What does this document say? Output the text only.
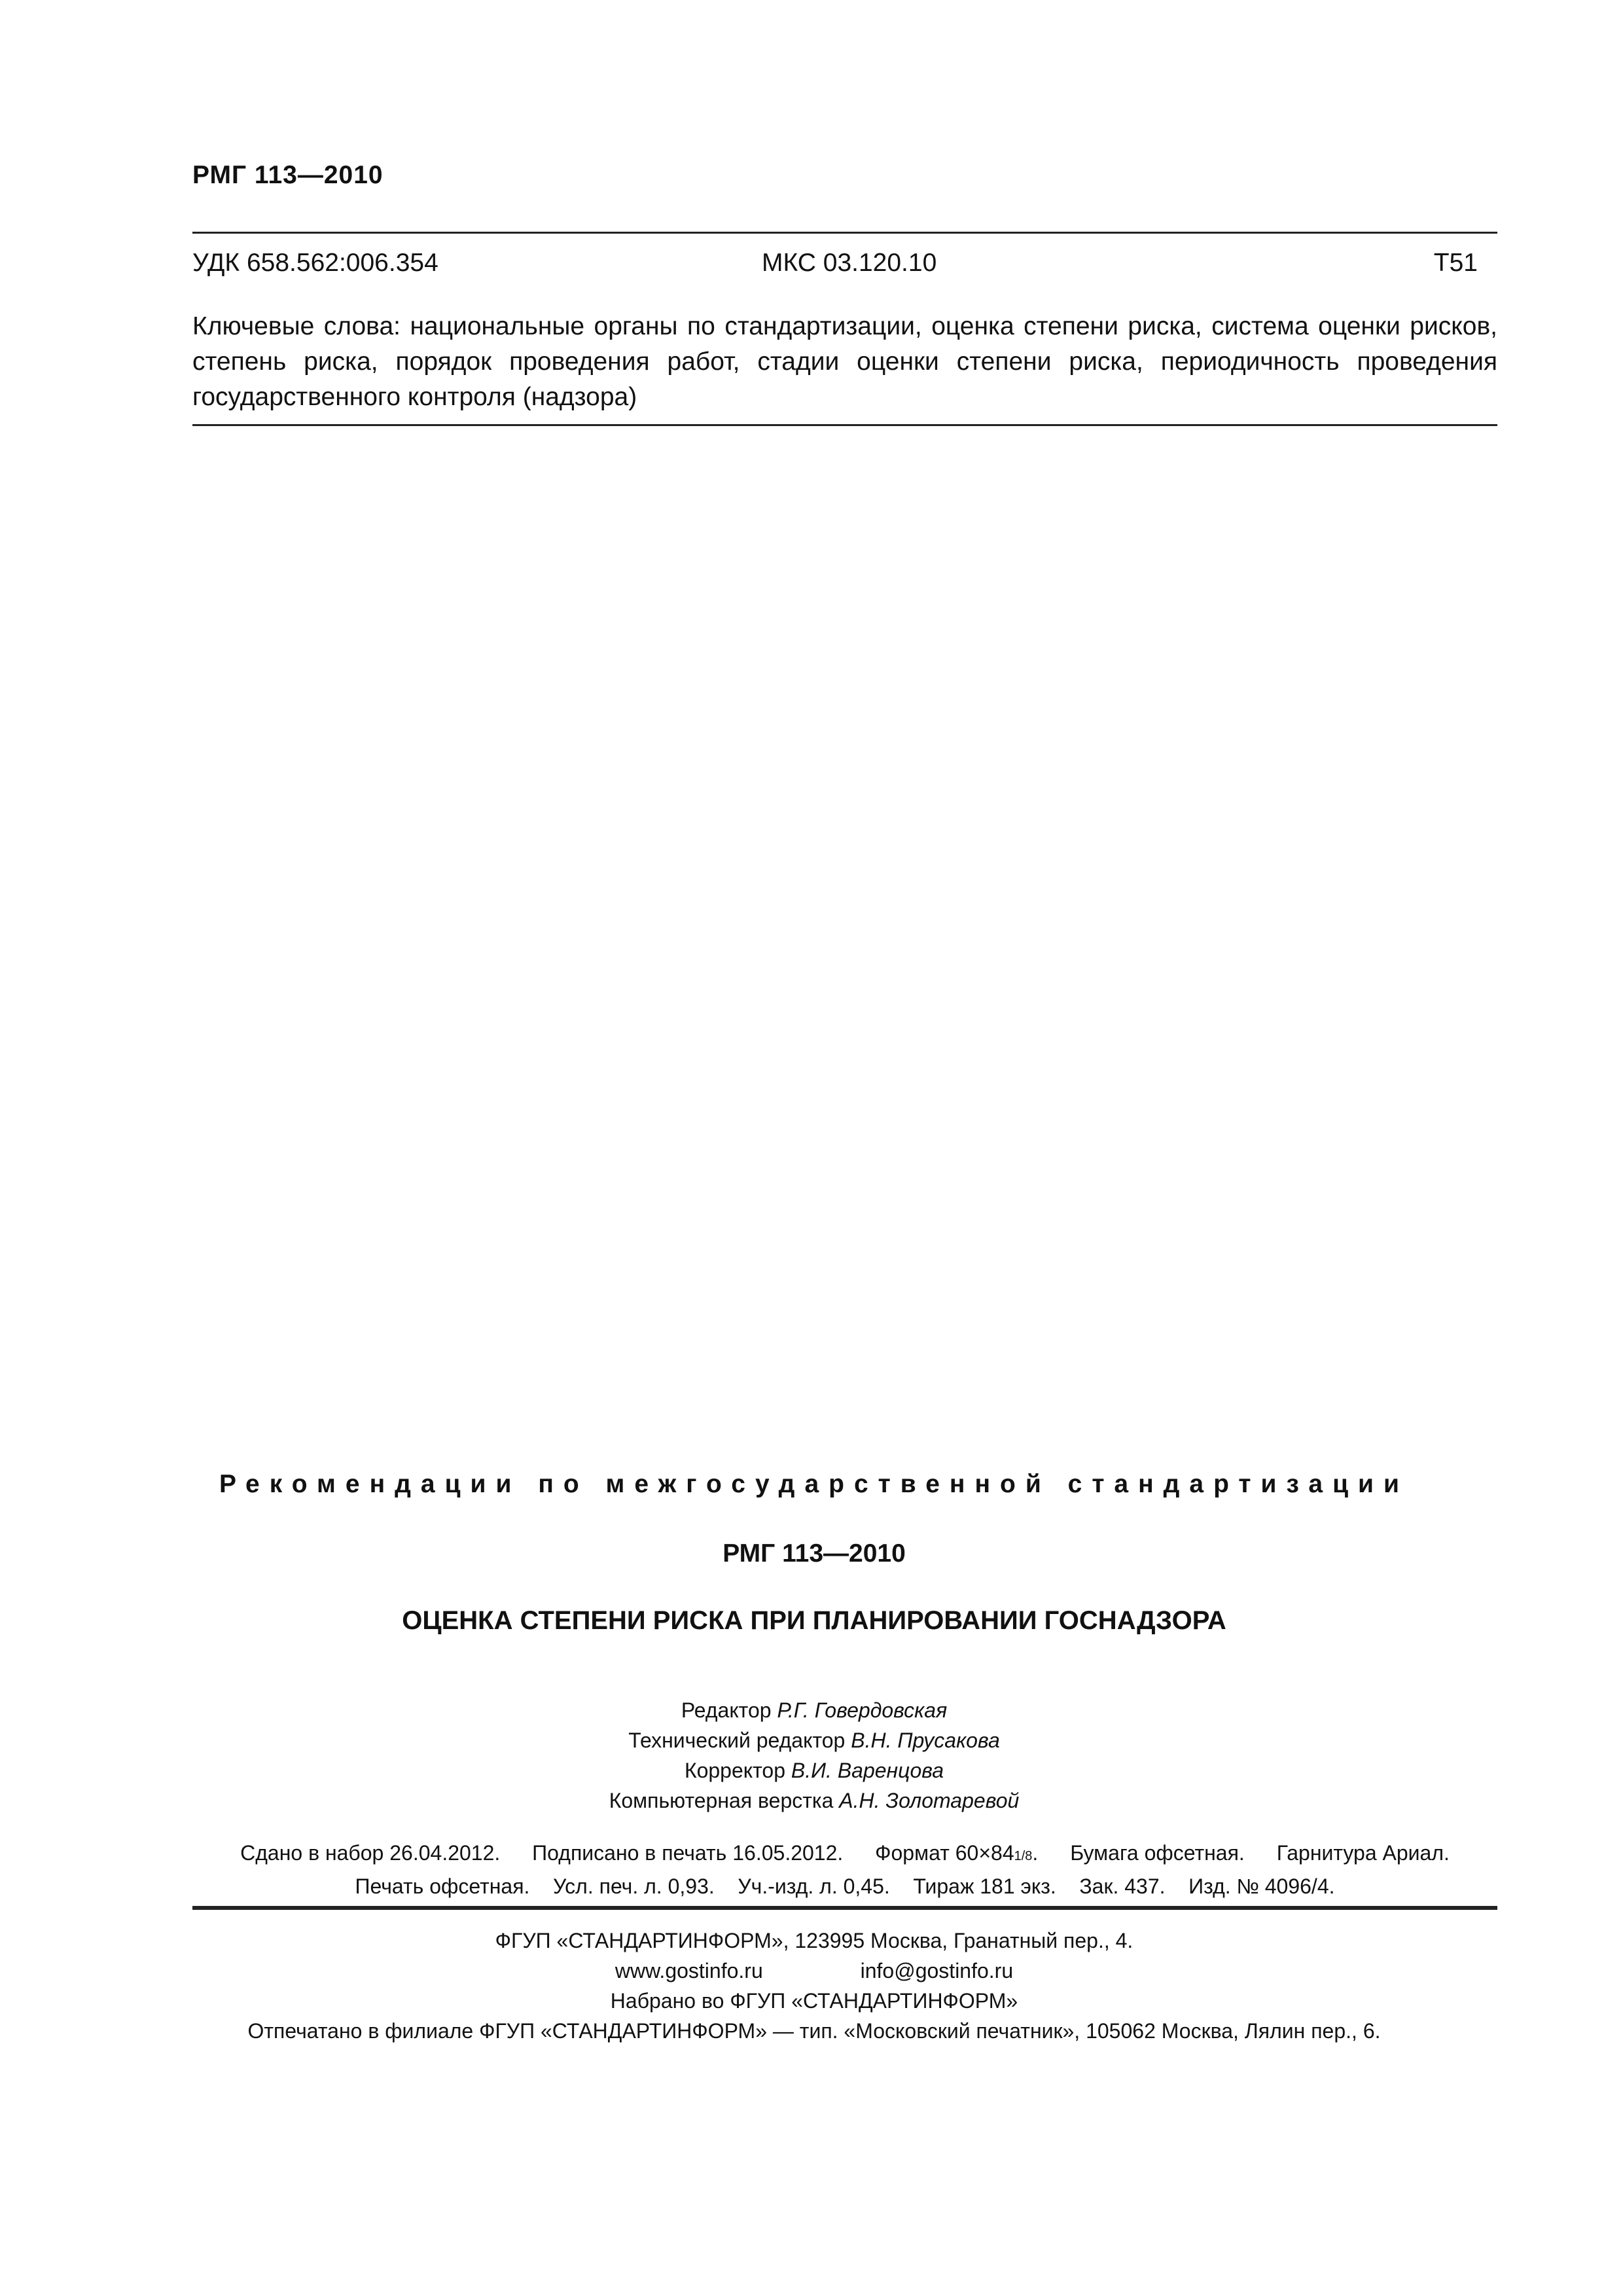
РМГ 113—2010
УДК 658.562:006.354	МКС 03.120.10	Т51
Ключевые слова: национальные органы по стандартизации, оценка степени риска, система оценки рисков, степень риска, порядок проведения работ, стадии оценки степени риска, периодичность проведения государственного контроля (надзора)
Рекомендации по межгосударственной стандартизации
РМГ 113—2010
ОЦЕНКА СТЕПЕНИ РИСКА ПРИ ПЛАНИРОВАНИИ ГОСНАДЗОРА
Редактор Р.Г. Говердовская
Технический редактор В.Н. Прусакова
Корректор В.И. Варенцова
Компьютерная верстка А.Н. Золотаревой
Сдано в набор 26.04.2012. Подписано в печать 16.05.2012. Формат 60×841/8. Бумага офсетная. Гарнитура Ариал.
Печать офсетная. Усл. печ. л. 0,93. Уч.-изд. л. 0,45. Тираж 181 экз. Зак. 437. Изд. № 4096/4.
ФГУП «СТАНДАРТИНФОРМ», 123995 Москва, Гранатный пер., 4.
www.gostinfo.ru	info@gostinfo.ru
Набрано во ФГУП «СТАНДАРТИНФОРМ»
Отпечатано в филиале ФГУП «СТАНДАРТИНФОРМ» — тип. «Московский печатник», 105062 Москва, Лялин пер., 6.
